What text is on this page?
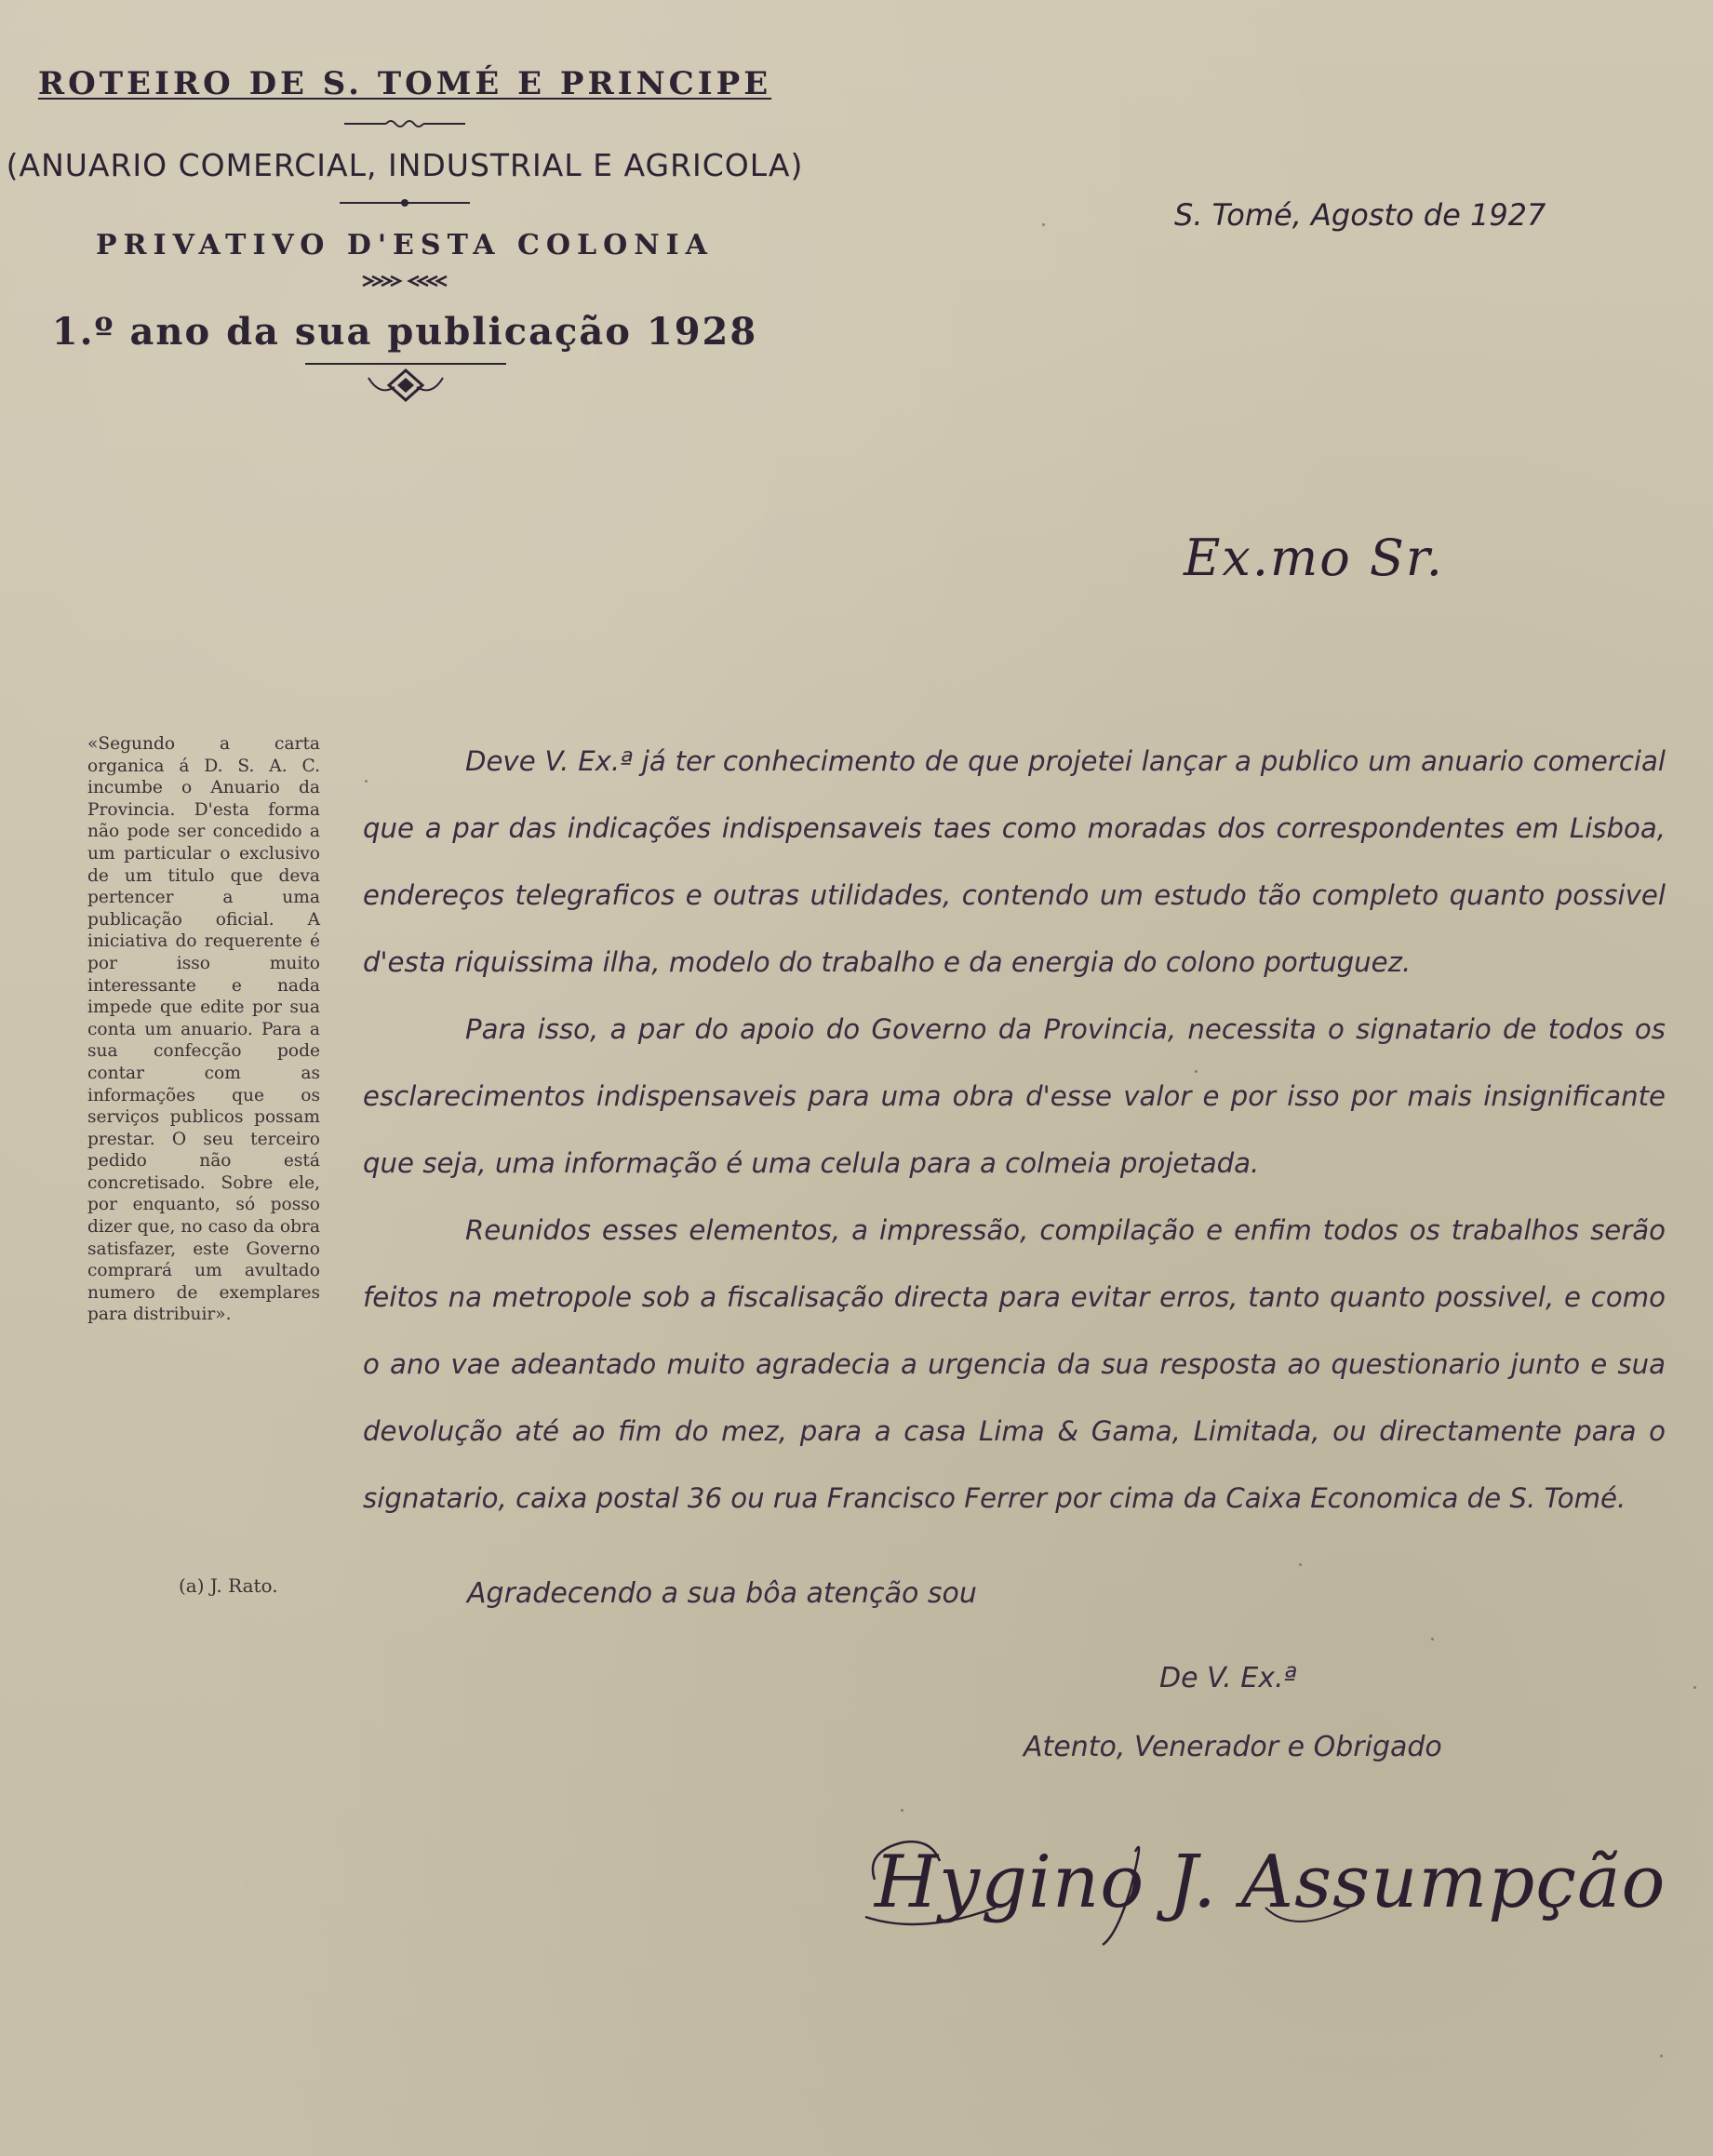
ROTEIRO DE S. TOMÉ E PRINCIPE
(ANUARIO COMERCIAL, INDUSTRIAL E AGRICOLA)
PRIVATIVO D'ESTA COLONIA
1.º ano da sua publicação 1928
S. Tomé, Agosto de 1927
Ex.mo Sr.
«Segundo a carta organica á D. S. A. C. incumbe o Anuario da Provincia. D'esta forma não pode ser concedido a um particular o exclusivo de um titulo que deva pertencer a uma publicação oficial. A iniciativa do requerente é por isso muito interessante e nada impede que edite por sua conta um anuario. Para a sua confecção pode contar com as informações que os serviços publicos possam prestar. O seu terceiro pedido não está concretisado. Sobre ele, por enquanto, só posso dizer que, no caso da obra satisfazer, este Governo comprará um avultado numero de exemplares para distribuir».
(a) J. Rato.

Deve V. Ex.ª já ter conhecimento de que projetei lançar a publico um anuario comercial que a par das indicações indispensaveis taes como moradas dos correspondentes em Lisboa, endereços telegraficos e outras utilidades, contendo um estudo tão completo quanto possivel d'esta riquissima ilha, modelo do trabalho e da energia do colono portuguez.

Para isso, a par do apoio do Governo da Provincia, necessita o signatario de todos os esclarecimentos indispensaveis para uma obra d'esse valor e por isso por mais insignificante que seja, uma informação é uma celula para a colmeia projetada.

Reunidos esses elementos, a impressão, compilação e enfim todos os trabalhos serão feitos na metropole sob a fiscalisação directa para evitar erros, tanto quanto possivel, e como o ano vae adeantado muito agradecia a urgencia da sua resposta ao questionario junto e sua devolução até ao fim do mez, para a casa Lima & Gama, Limitada, ou directamente para o signatario, caixa postal 36 ou rua Francisco Ferrer por cima da Caixa Economica de S. Tomé.

Agradecendo a sua bôa atenção sou
De V. Ex.ª
Atento, Venerador e Obrigado
Hygino J. Assumpção
